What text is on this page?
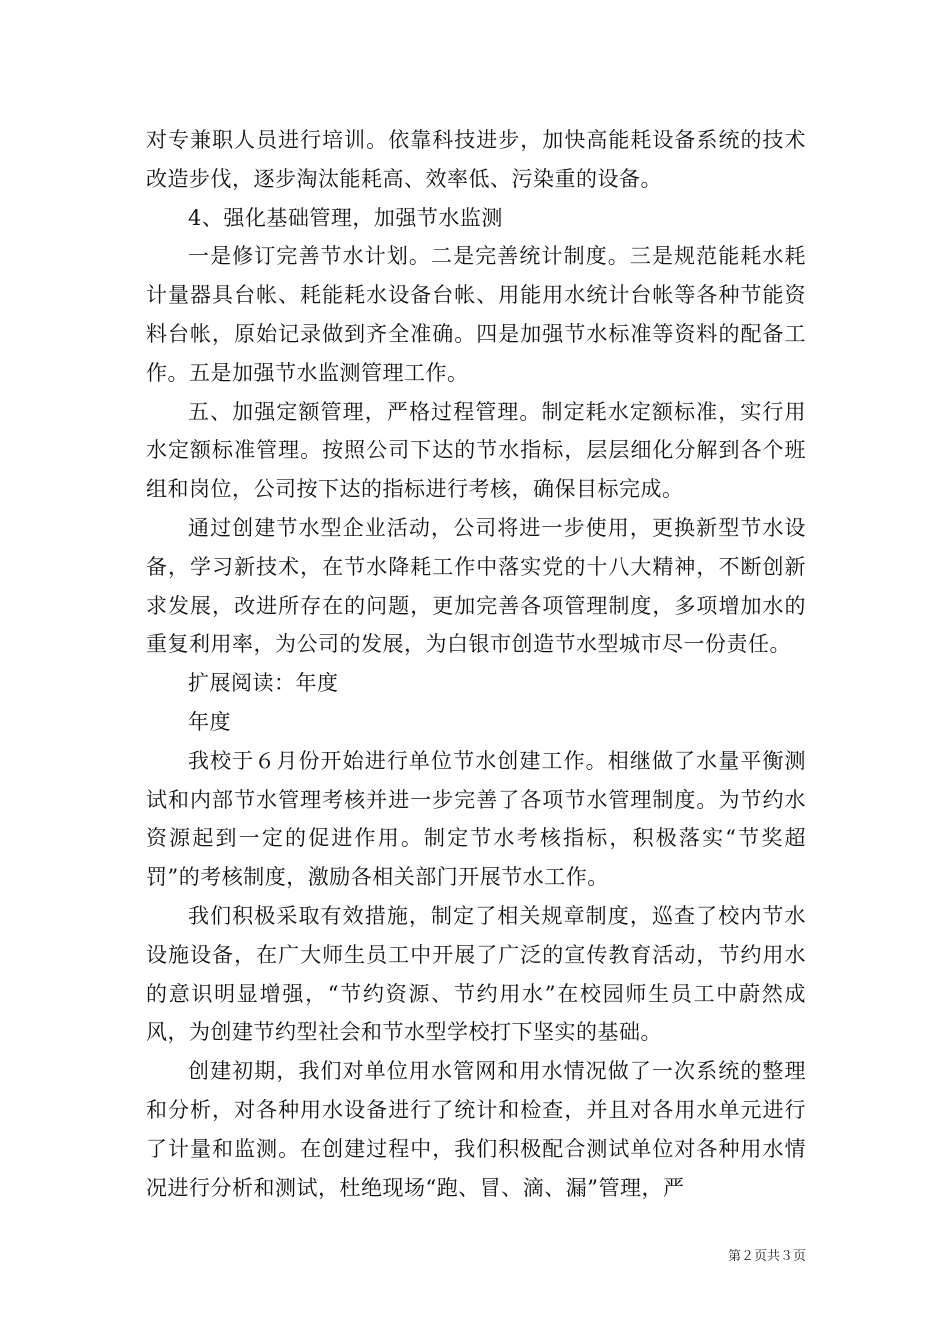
对专兼职人员进行培训。依靠科技进步，加快高能耗设备系统的技术改造步伐，逐步淘汰能耗高、效率低、污染重的设备。

4、强化基础管理，加强节水监测

一是修订完善节水计划。二是完善统计制度。三是规范能耗水耗计量器具台帐、耗能耗水设备台帐、用能用水统计台帐等各种节能资料台帐，原始记录做到齐全准确。四是加强节水标准等资料的配备工作。五是加强节水监测管理工作。

五、加强定额管理，严格过程管理。制定耗水定额标准，实行用水定额标准管理。按照公司下达的节水指标，层层细化分解到各个班组和岗位，公司按下达的指标进行考核，确保目标完成。

通过创建节水型企业活动，公司将进一步使用，更换新型节水设备，学习新技术，在节水降耗工作中落实党的十八大精神，不断创新求发展，改进所存在的问题，更加完善各项管理制度，多项增加水的重复利用率，为公司的发展，为白银市创造节水型城市尽一份责任。

扩展阅读：年度

年度

我校于６月份开始进行单位节水创建工作。相继做了水量平衡测试和内部节水管理考核并进一步完善了各项节水管理制度。为节约水资源起到一定的促进作用。制定节水考核指标，积极落实“节奖超罚”的考核制度，激励各相关部门开展节水工作。

我们积极采取有效措施，制定了相关规章制度，巡查了校内节水设施设备，在广大师生员工中开展了广泛的宣传教育活动，节约用水的意识明显增强，“节约资源、节约用水”在校园师生员工中蔚然成风，为创建节约型社会和节水型学校打下坚实的基础。

创建初期，我们对单位用水管网和用水情况做了一次系统的整理和分析，对各种用水设备进行了统计和检查，并且对各用水单元进行了计量和监测。在创建过程中，我们积极配合测试单位对各种用水情况进行分析和测试，杜绝现场“跑、冒、滴、漏”管理，严

第２页共３页
